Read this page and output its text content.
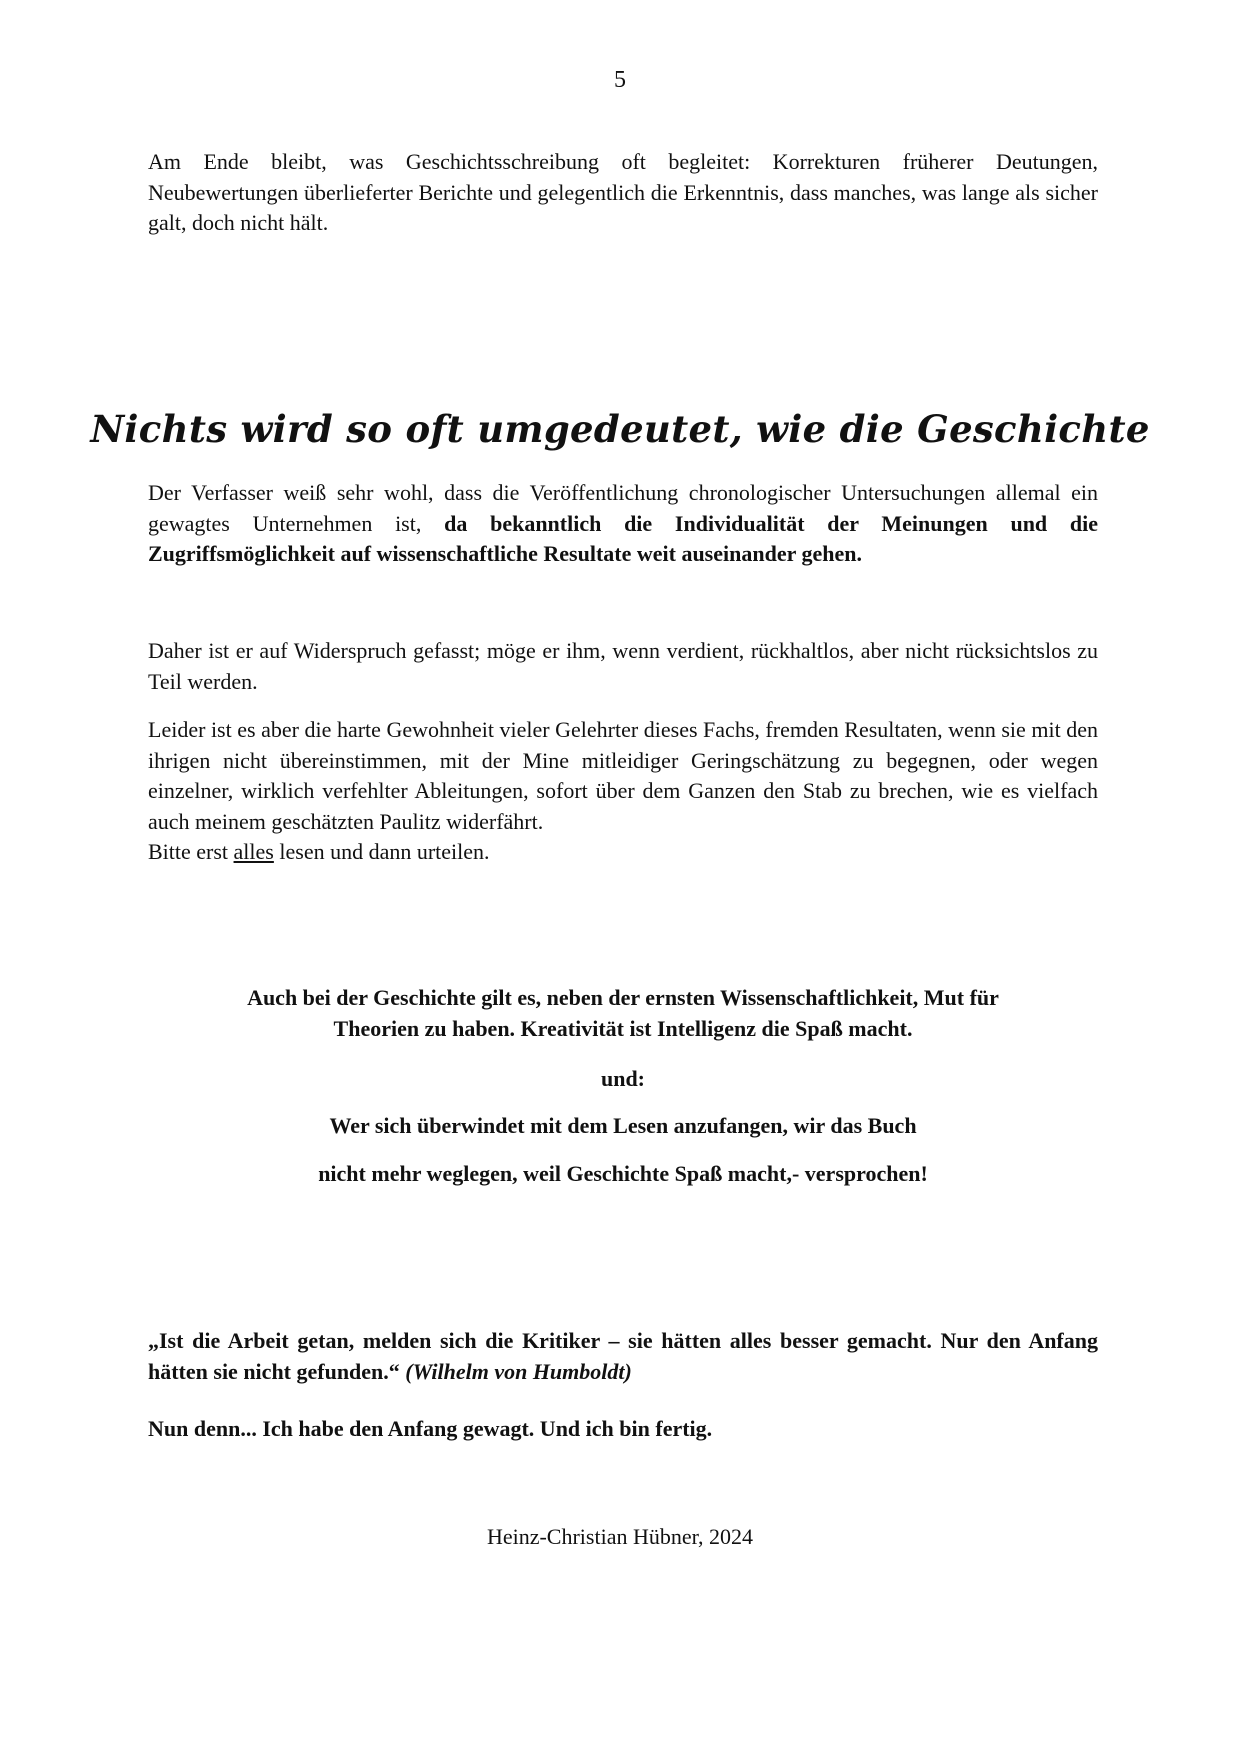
5

Am Ende bleibt, was Geschichtsschreibung oft begleitet: Korrekturen früherer Deutungen, Neubewertungen überlieferter Berichte und gelegentlich die Erkenntnis, dass manches, was lange als sicher galt, doch nicht hält.

Nichts wird so oft umgedeutet, wie die Geschichte

Der Verfasser weiß sehr wohl, dass die Veröffentlichung chronologischer Untersuchungen allemal ein gewagtes Unternehmen ist, da bekanntlich die Individualität der Meinungen und die Zugriffsmöglichkeit auf wissenschaftliche Resultate weit auseinander gehen.

Daher ist er auf Widerspruch gefasst; möge er ihm, wenn verdient, rückhaltlos, aber nicht rücksichtslos zu Teil werden.

Leider ist es aber die harte Gewohnheit vieler Gelehrter dieses Fachs, fremden Resultaten, wenn sie mit den ihrigen nicht übereinstimmen, mit der Mine mitleidiger Geringschätzung zu begegnen, oder wegen einzelner, wirklich verfehlter Ableitungen, sofort über dem Ganzen den Stab zu brechen, wie es vielfach auch meinem geschätzten Paulitz widerfährt.

Bitte erst alles lesen und dann urteilen.

Auch bei der Geschichte gilt es, neben der ernsten Wissenschaftlichkeit, Mut für

Theorien zu haben. Kreativität ist Intelligenz die Spaß macht.

und:

Wer sich überwindet mit dem Lesen anzufangen, wir das Buch

nicht mehr weglegen, weil Geschichte Spaß macht,- versprochen!

„Ist die Arbeit getan, melden sich die Kritiker – sie hätten alles besser gemacht. Nur den Anfang hätten sie nicht gefunden.“ (Wilhelm von Humboldt)

Nun denn... Ich habe den Anfang gewagt. Und ich bin fertig.

Heinz-Christian Hübner, 2024
